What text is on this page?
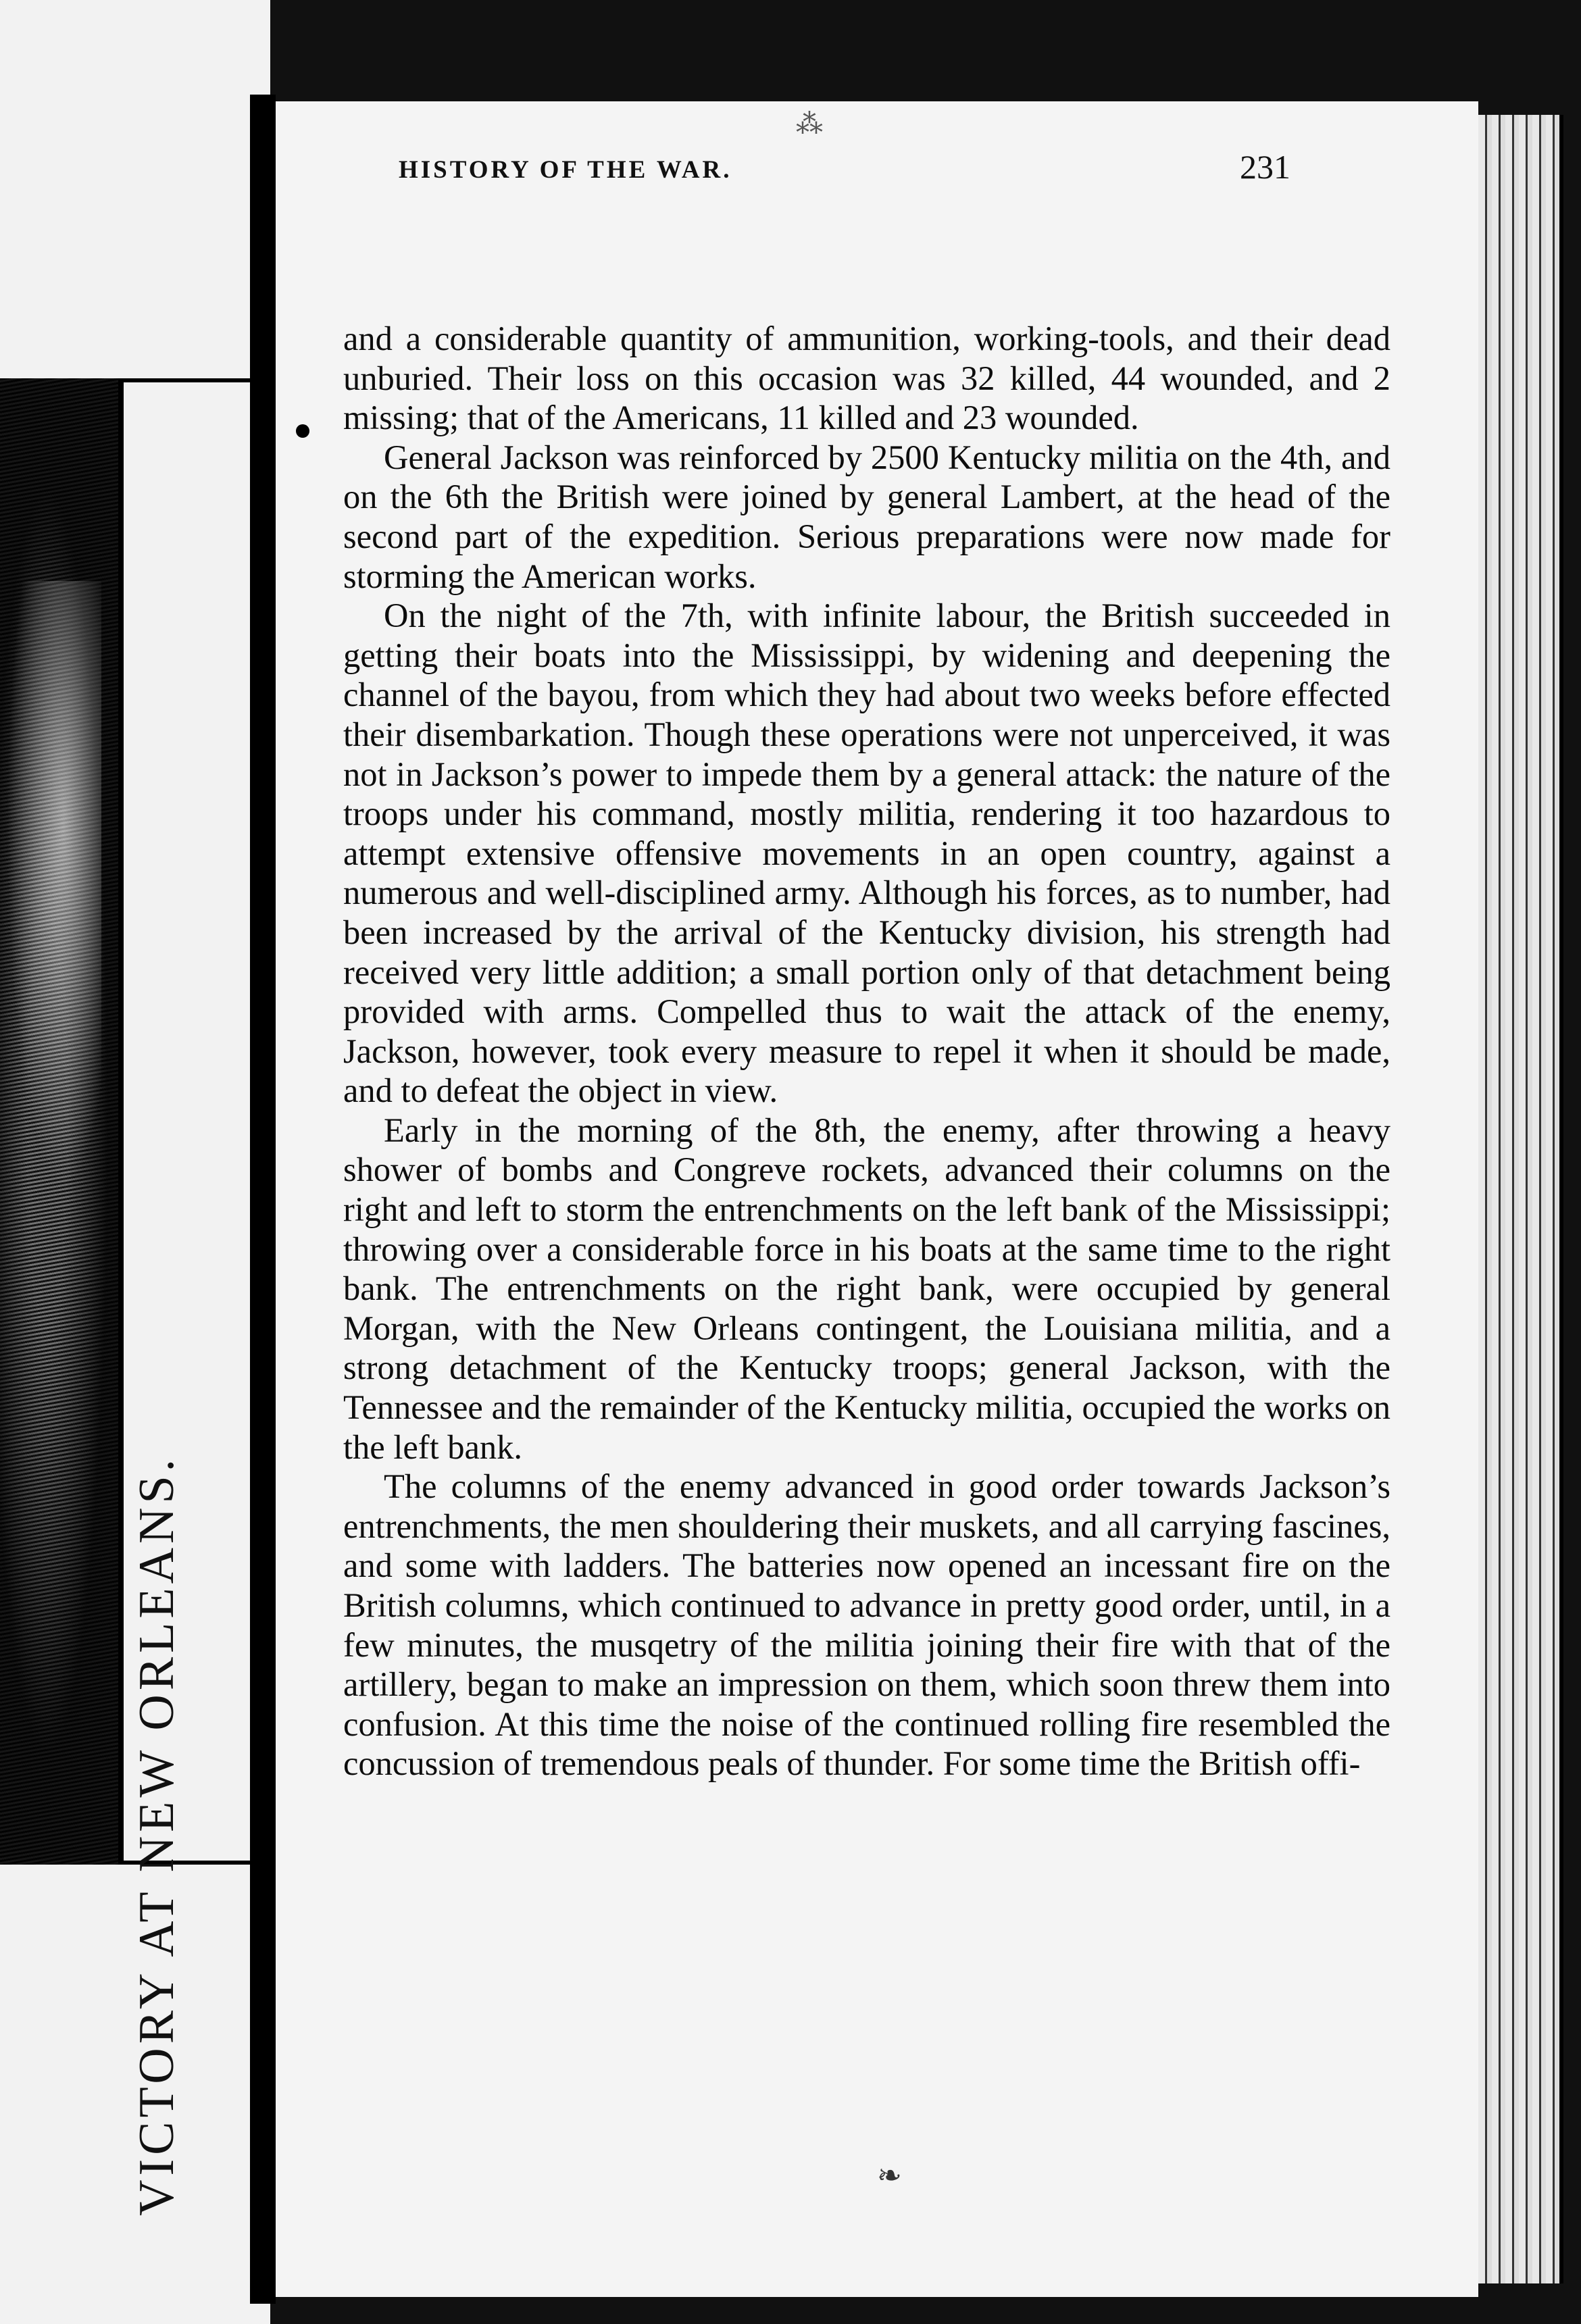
VICTORY AT NEW ORLEANS.
⁂

and a considerable quantity of ammunition, working-tools, and their dead unburied. Their loss on this occasion was 32 killed, 44 wounded, and 2 missing; that of the Americans, 11 killed and 23 wounded.

General Jackson was reinforced by 2500 Kentucky militia on the 4th, and on the 6th the British were joined by general Lambert, at the head of the second part of the expedition. Serious preparations were now made for storming the American works.

On the night of the 7th, with infinite labour, the British succeeded in getting their boats into the Mississippi, by widening and deepening the channel of the bayou, from which they had about two weeks before effected their disembarkation. Though these operations were not unperceived, it was not in Jackson’s power to impede them by a general attack: the nature of the troops under his command, mostly militia, rendering it too hazardous to attempt extensive offensive movements in an open country, against a numerous and well-disciplined army. Although his forces, as to number, had been increased by the arrival of the Kentucky division, his strength had received very little addition; a small portion only of that detachment being provided with arms. Compelled thus to wait the attack of the enemy, Jackson, however, took every measure to repel it when it should be made, and to defeat the object in view.

Early in the morning of the 8th, the enemy, after throwing a heavy shower of bombs and Congreve rockets, advanced their columns on the right and left to storm the entrenchments on the left bank of the Mississippi; throwing over a considerable force in his boats at the same time to the right bank. The entrenchments on the right bank, were occupied by general Morgan, with the New Orleans contingent, the Louisiana militia, and a strong detachment of the Kentucky troops; general Jackson, with the Tennessee and the remainder of the Kentucky militia, occupied the works on the left bank.

The columns of the enemy advanced in good order towards Jackson’s entrenchments, the men shouldering their muskets, and all carrying fascines, and some with ladders. The batteries now opened an incessant fire on the British columns, which continued to advance in pretty good order, until, in a few minutes, the musqetry of the militia joining their fire with that of the artillery, began to make an impression on them, which soon threw them into confusion. At this time the noise of the continued rolling fire resembled the concussion of tremendous peals of thunder. For some time the British offi-

❧
HISTORY OF THE WAR.	231
